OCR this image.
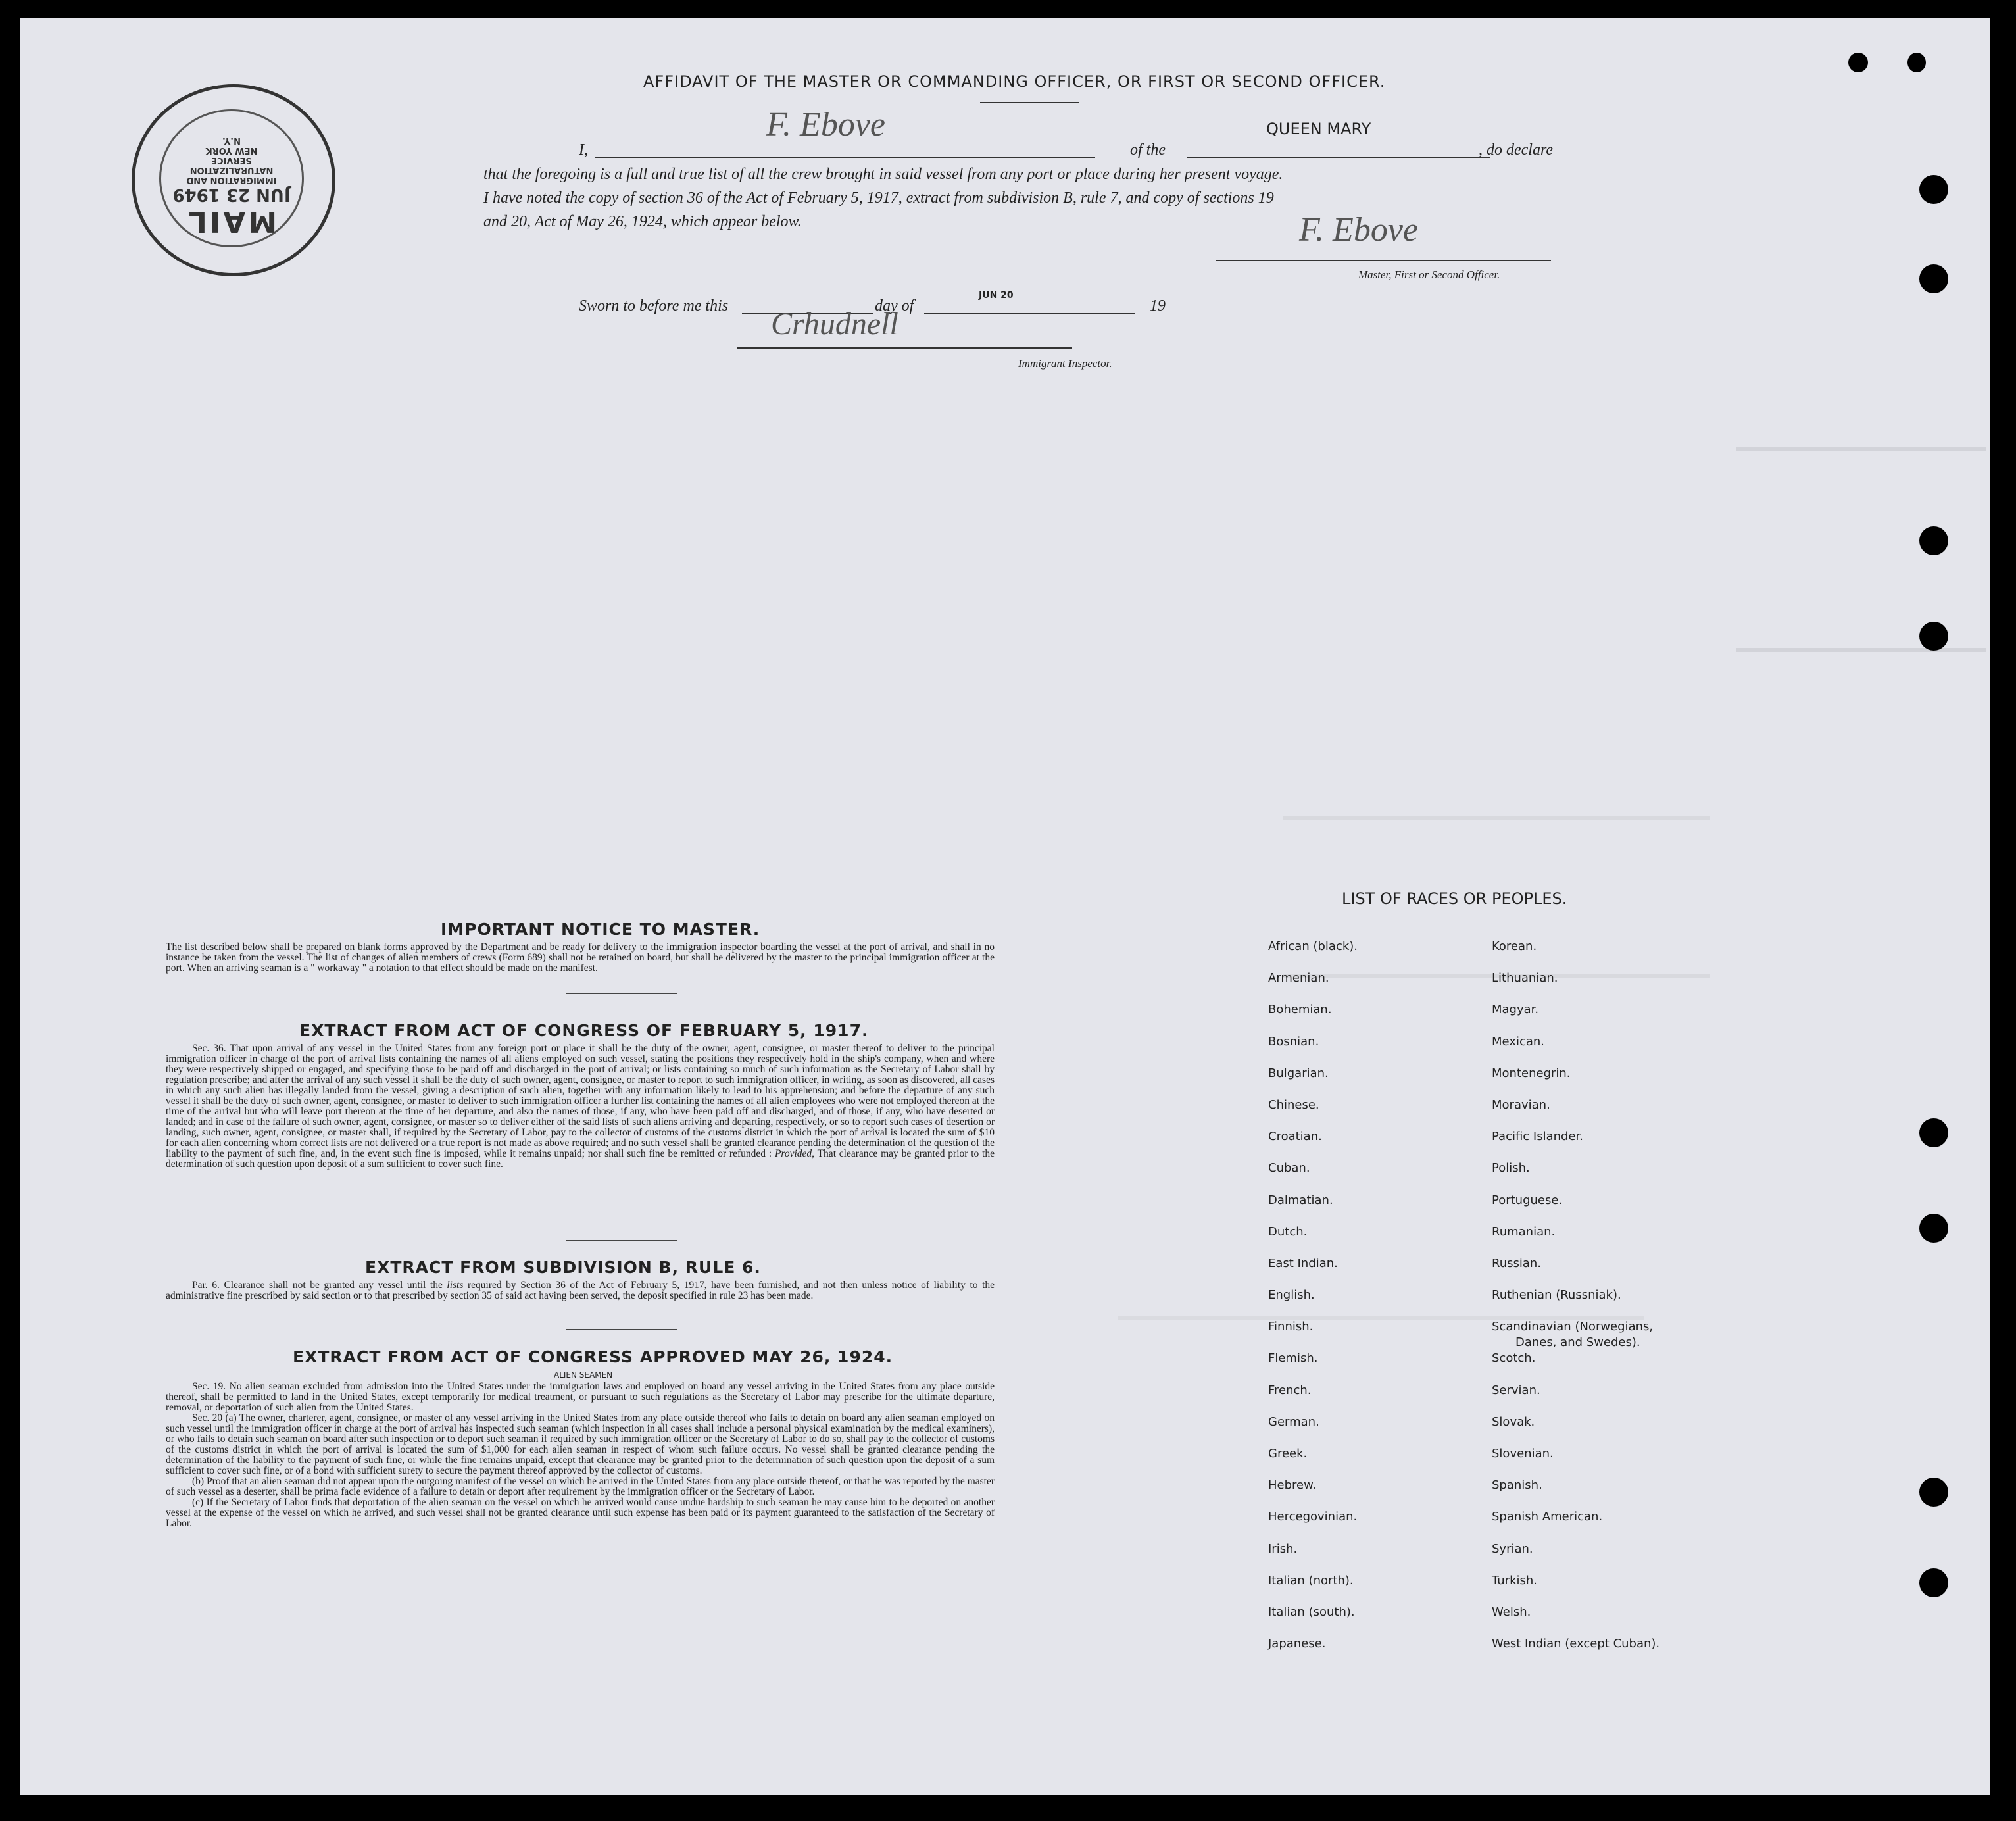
MAIL
JUN 23 1949
IMMIGRATION AND
NATURALIZATION
SERVICE
NEW YORK
N.Y.
AFFIDAVIT OF THE MASTER OR COMMANDING OFFICER, OR FIRST OR SECOND OFFICER.
I,
F. Ebove
of the
QUEEN MARY
, do declare
that the foregoing is a full and true list of all the crew brought in said vessel from any port or place during her present voyage.
I have noted the copy of section 36 of the Act of February 5, 1917, extract from subdivision B, rule 7, and copy of sections 19
and 20, Act of May 26, 1924, which appear below.	F. Ebove
Master, First or Second Officer.
Sworn to before me this	day of
JUN 20
19
Crhudnell
Immigrant Inspector.
IMPORTANT NOTICE TO MASTER.
The list described below shall be prepared on blank forms approved by the Department and be ready for delivery to the immigration inspector boarding the vessel at the port of arrival, and shall in no instance be taken from the vessel. The list of changes of alien members of crews (Form 689) shall not be retained on board, but shall be delivered by the master to the principal immigration officer at the port. When an arriving seaman is a " workaway " a notation to that effect should be made on the manifest.
EXTRACT FROM ACT OF CONGRESS OF FEBRUARY 5, 1917.
Sec. 36. That upon arrival of any vessel in the United States from any foreign port or place it shall be the duty of the owner, agent, consignee, or master thereof to deliver to the principal immigration officer in charge of the port of arrival lists containing the names of all aliens employed on such vessel, stating the positions they respectively hold in the ship's company, when and where they were respectively shipped or engaged, and specifying those to be paid off and discharged in the port of arrival; or lists containing so much of such information as the Secretary of Labor shall by regulation prescribe; and after the arrival of any such vessel it shall be the duty of such owner, agent, consignee, or master to report to such immigration officer, in writing, as soon as discovered, all cases in which any such alien has illegally landed from the vessel, giving a description of such alien, together with any information likely to lead to his apprehension; and before the departure of any such vessel it shall be the duty of such owner, agent, consignee, or master to deliver to such immigration officer a further list containing the names of all alien employees who were not employed thereon at the time of the arrival but who will leave port thereon at the time of her departure, and also the names of those, if any, who have been paid off and discharged, and of those, if any, who have deserted or landed; and in case of the failure of such owner, agent, consignee, or master so to deliver either of the said lists of such aliens arriving and departing, respectively, or so to report such cases of desertion or landing, such owner, agent, consignee, or master shall, if required by the Secretary of Labor, pay to the collector of customs of the customs district in which the port of arrival is located the sum of $10 for each alien concerning whom correct lists are not delivered or a true report is not made as above required; and no such vessel shall be granted clearance pending the determination of the question of the liability to the payment of such fine, and, in the event such fine is imposed, while it remains unpaid; nor shall such fine be remitted or refunded : Provided, That clearance may be granted prior to the determination of such question upon deposit of a sum sufficient to cover such fine.
EXTRACT FROM SUBDIVISION B, RULE 6.
Par. 6. Clearance shall not be granted any vessel until the lists required by Section 36 of the Act of February 5, 1917, have been furnished, and not then unless notice of liability to the administrative fine prescribed by said section or to that prescribed by section 35 of said act having been served, the deposit specified in rule 23 has been made.
EXTRACT FROM ACT OF CONGRESS APPROVED MAY 26, 1924.
ALIEN SEAMEN
Sec. 19. No alien seaman excluded from admission into the United States under the immigration laws and employed on board any vessel arriving in the United States from any place outside thereof, shall be permitted to land in the United States, except temporarily for medical treatment, or pursuant to such regulations as the Secretary of Labor may prescribe for the ultimate departure, removal, or deportation of such alien from the United States.
Sec. 20 (a) The owner, charterer, agent, consignee, or master of any vessel arriving in the United States from any place outside thereof who fails to detain on board any alien seaman employed on such vessel until the immigration officer in charge at the port of arrival has inspected such seaman (which inspection in all cases shall include a personal physical examination by the medical examiners), or who fails to detain such seaman on board after such inspection or to deport such seaman if required by such immigration officer or the Secretary of Labor to do so, shall pay to the collector of customs of the customs district in which the port of arrival is located the sum of $1,000 for each alien seaman in respect of whom such failure occurs. No vessel shall be granted clearance pending the determination of the liability to the payment of such fine, or while the fine remains unpaid, except that clearance may be granted prior to the determination of such question upon the deposit of a sum sufficient to cover such fine, or of a bond with sufficient surety to secure the payment thereof approved by the collector of customs.
(b) Proof that an alien seaman did not appear upon the outgoing manifest of the vessel on which he arrived in the United States from any place outside thereof, or that he was reported by the master of such vessel as a deserter, shall be prima facie evidence of a failure to detain or deport after requirement by the immigration officer or the Secretary of Labor.
(c) If the Secretary of Labor finds that deportation of the alien seaman on the vessel on which he arrived would cause undue hardship to such seaman he may cause him to be deported on another vessel at the expense of the vessel on which he arrived, and such vessel shall not be granted clearance until such expense has been paid or its payment guaranteed to the satisfaction of the Secretary of Labor.
LIST OF RACES OR PEOPLES.
African (black).
Armenian.
Bohemian.
Bosnian.
Bulgarian.
Chinese.
Croatian.
Cuban.
Dalmatian.
Dutch.
East Indian.
English.
Finnish.
Flemish.
French.
German.
Greek.
Hebrew.
Hercegovinian.
Irish.
Italian (north).
Italian (south).
Japanese.
Korean.
Lithuanian.
Magyar.
Mexican.
Montenegrin.
Moravian.
Pacific Islander.
Polish.
Portuguese.
Rumanian.
Russian.
Ruthenian (Russniak).
Scandinavian (Norwegians,
Danes, and Swedes).
Scotch.
Servian.
Slovak.
Slovenian.
Spanish.
Spanish American.
Syrian.
Turkish.
Welsh.
West Indian (except Cuban).
